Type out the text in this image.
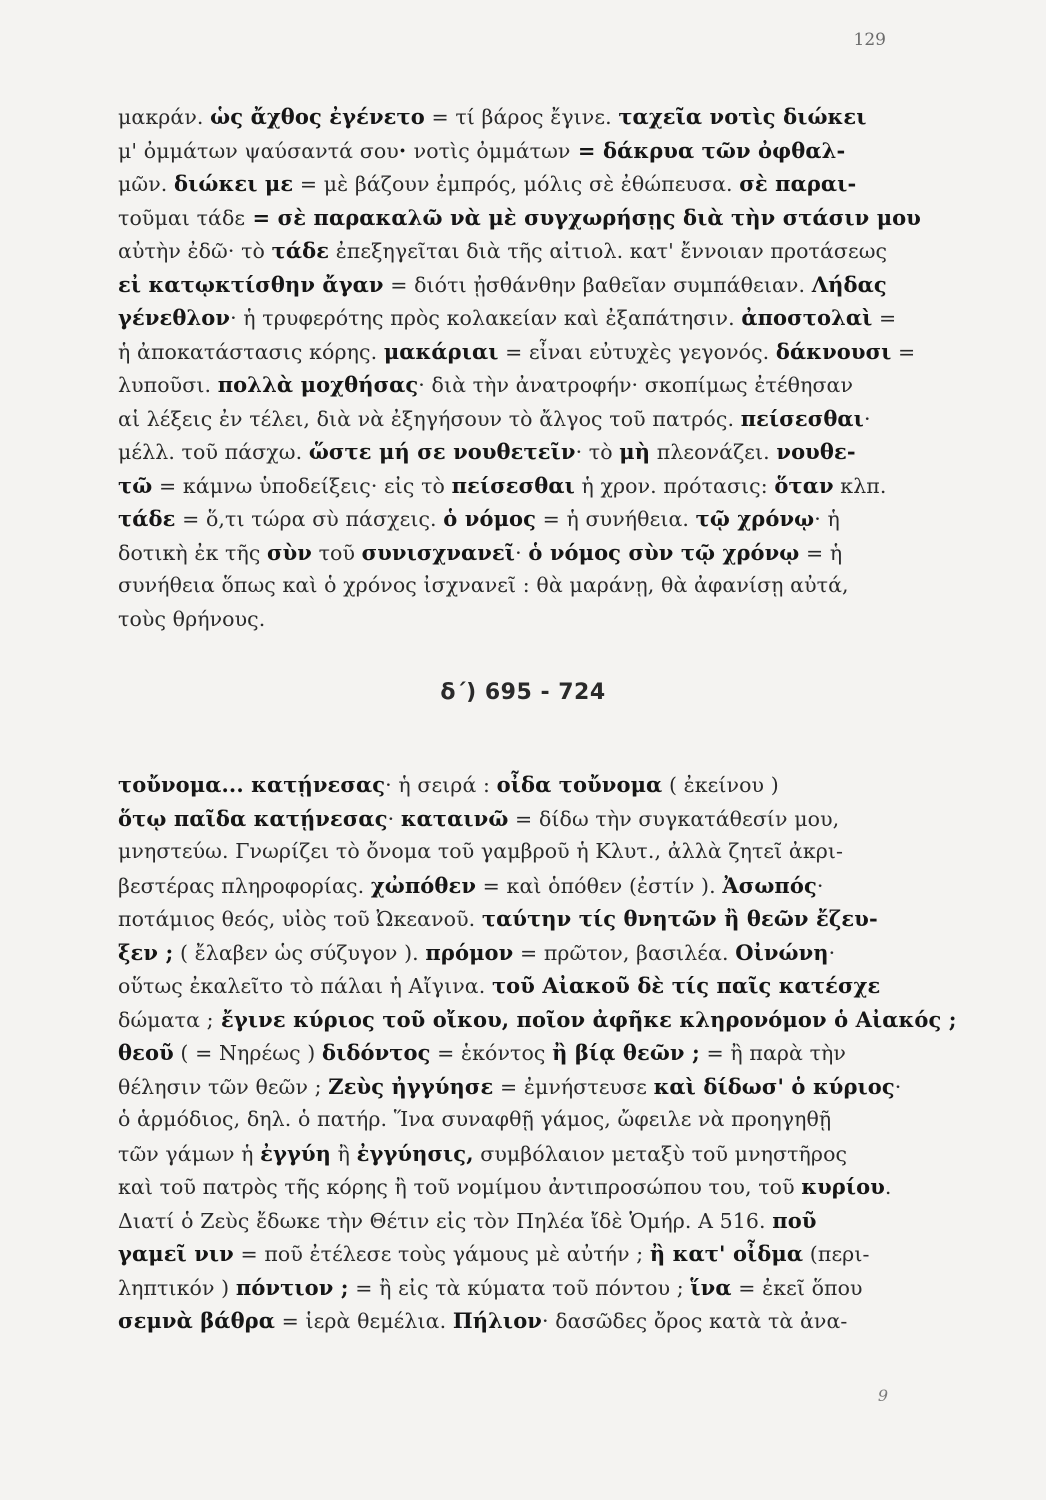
129
μακράν. ὡς ἄχθος ἐγένετο = τί βάρος ἔγινε. ταχεῖα νοτὶς διώκει
μ' ὀμμάτων ψαύσαντά σου· νοτὶς ὀμμάτων = δάκρυα τῶν ὀφθαλ-
μῶν. διώκει με = μὲ βάζουν ἐμπρός, μόλις σὲ ἐθώπευσα. σὲ παραι-
τοῦμαι τάδε = σὲ παρακαλῶ νὰ μὲ συγχωρήσῃς διὰ τὴν στάσιν μου
αὐτὴν ἐδῶ· τὸ τάδε ἐπεξηγεῖται διὰ τῆς αἰτιολ. κατ' ἔννοιαν προτάσεως
εἰ κατῳκτίσθην ἄγαν = διότι ᾐσθάνθην βαθεῖαν συμπάθειαν. Λήδας
γένεθλον· ἡ τρυφερότης πρὸς κολακείαν καὶ ἐξαπάτησιν. ἀποστολαὶ =
ἡ ἀποκατάστασις κόρης. μακάριαι = εἶναι εὐτυχὲς γεγονός. δάκνουσι =
λυποῦσι. πολλὰ μοχθήσας· διὰ τὴν ἀνατροφήν· σκοπίμως ἐτέθησαν
αἱ λέξεις ἐν τέλει, διὰ νὰ ἐξηγήσουν τὸ ἄλγος τοῦ πατρός. πείσεσθαι·
μέλλ. τοῦ πάσχω. ὥστε μή σε νουθετεῖν· τὸ μὴ πλεονάζει. νουθε-
τῶ = κάμνω ὑποδείξεις· εἰς τὸ πείσεσθαι ἡ χρον. πρότασις: ὅταν κλπ.
τάδε = ὅ,τι τώρα σὺ πάσχεις. ὁ νόμος = ἡ συνήθεια. τῷ χρόνῳ· ἡ
δοτικὴ ἐκ τῆς σὺν τοῦ συνισχνανεῖ· ὁ νόμος σὺν τῷ χρόνῳ = ἡ
συνήθεια ὅπως καὶ ὁ χρόνος ἰσχνανεῖ : θὰ μαράνῃ, θὰ ἀφανίσῃ αὐτά,
τοὺς θρήνους.
δ΄) 695 - 724
τοὔνομα... κατῄνεσας· ἡ σειρά : οἶδα τοὔνομα ( ἐκείνου )
ὅτῳ παῖδα κατῄνεσας· καταινῶ = δίδω τὴν συγκατάθεσίν μου,
μνηστεύω. Γνωρίζει τὸ ὄνομα τοῦ γαμβροῦ ἡ Κλυτ., ἀλλὰ ζητεῖ ἀκρι-
βεστέρας πληροφορίας. χὠπόθεν = καὶ ὁπόθεν (ἐστίν ). Ἀσωπός·
ποτάμιος θεός, υἱὸς τοῦ Ὠκεανοῦ. ταύτην τίς θνητῶν ἢ θεῶν ἔζευ-
ξεν ; ( ἔλαβεν ὡς σύζυγον ). πρόμον = πρῶτον, βασιλέα. Οἰνώνη·
οὕτως ἐκαλεῖτο τὸ πάλαι ἡ Αἴγινα. τοῦ Αἰακοῦ δὲ τίς παῖς κατέσχε
δώματα ; ἔγινε κύριος τοῦ οἴκου, ποῖον ἀφῆκε κληρονόμον ὁ Αἰακός ;
θεοῦ ( = Νηρέως ) διδόντος = ἑκόντος ἢ βίᾳ θεῶν ; = ἢ παρὰ τὴν
θέλησιν τῶν θεῶν ; Ζεὺς ἠγγύησε = ἐμνήστευσε καὶ δίδωσ' ὁ κύριος·
ὁ ἁρμόδιος, δηλ. ὁ πατήρ. Ἵνα συναφθῇ γάμος, ὤφειλε νὰ προηγηθῇ
τῶν γάμων ἡ ἐγγύη ἢ ἐγγύησις, συμβόλαιον μεταξὺ τοῦ μνηστῆρος
καὶ τοῦ πατρὸς τῆς κόρης ἢ τοῦ νομίμου ἀντιπροσώπου του, τοῦ κυρίου.
Διατί ὁ Ζεὺς ἔδωκε τὴν Θέτιν εἰς τὸν Πηλέα ἴδὲ Ὁμήρ. Α 516. ποῦ
γαμεῖ νιν = ποῦ ἐτέλεσε τοὺς γάμους μὲ αὐτήν ; ἢ κατ' οἶδμα (περι-
ληπτικόν ) πόντιον ; = ἢ εἰς τὰ κύματα τοῦ πόντου ; ἵνα = ἐκεῖ ὅπου
σεμνὰ βάθρα = ἱερὰ θεμέλια. Πήλιον· δασῶδες ὄρος κατὰ τὰ ἀνα-
9
